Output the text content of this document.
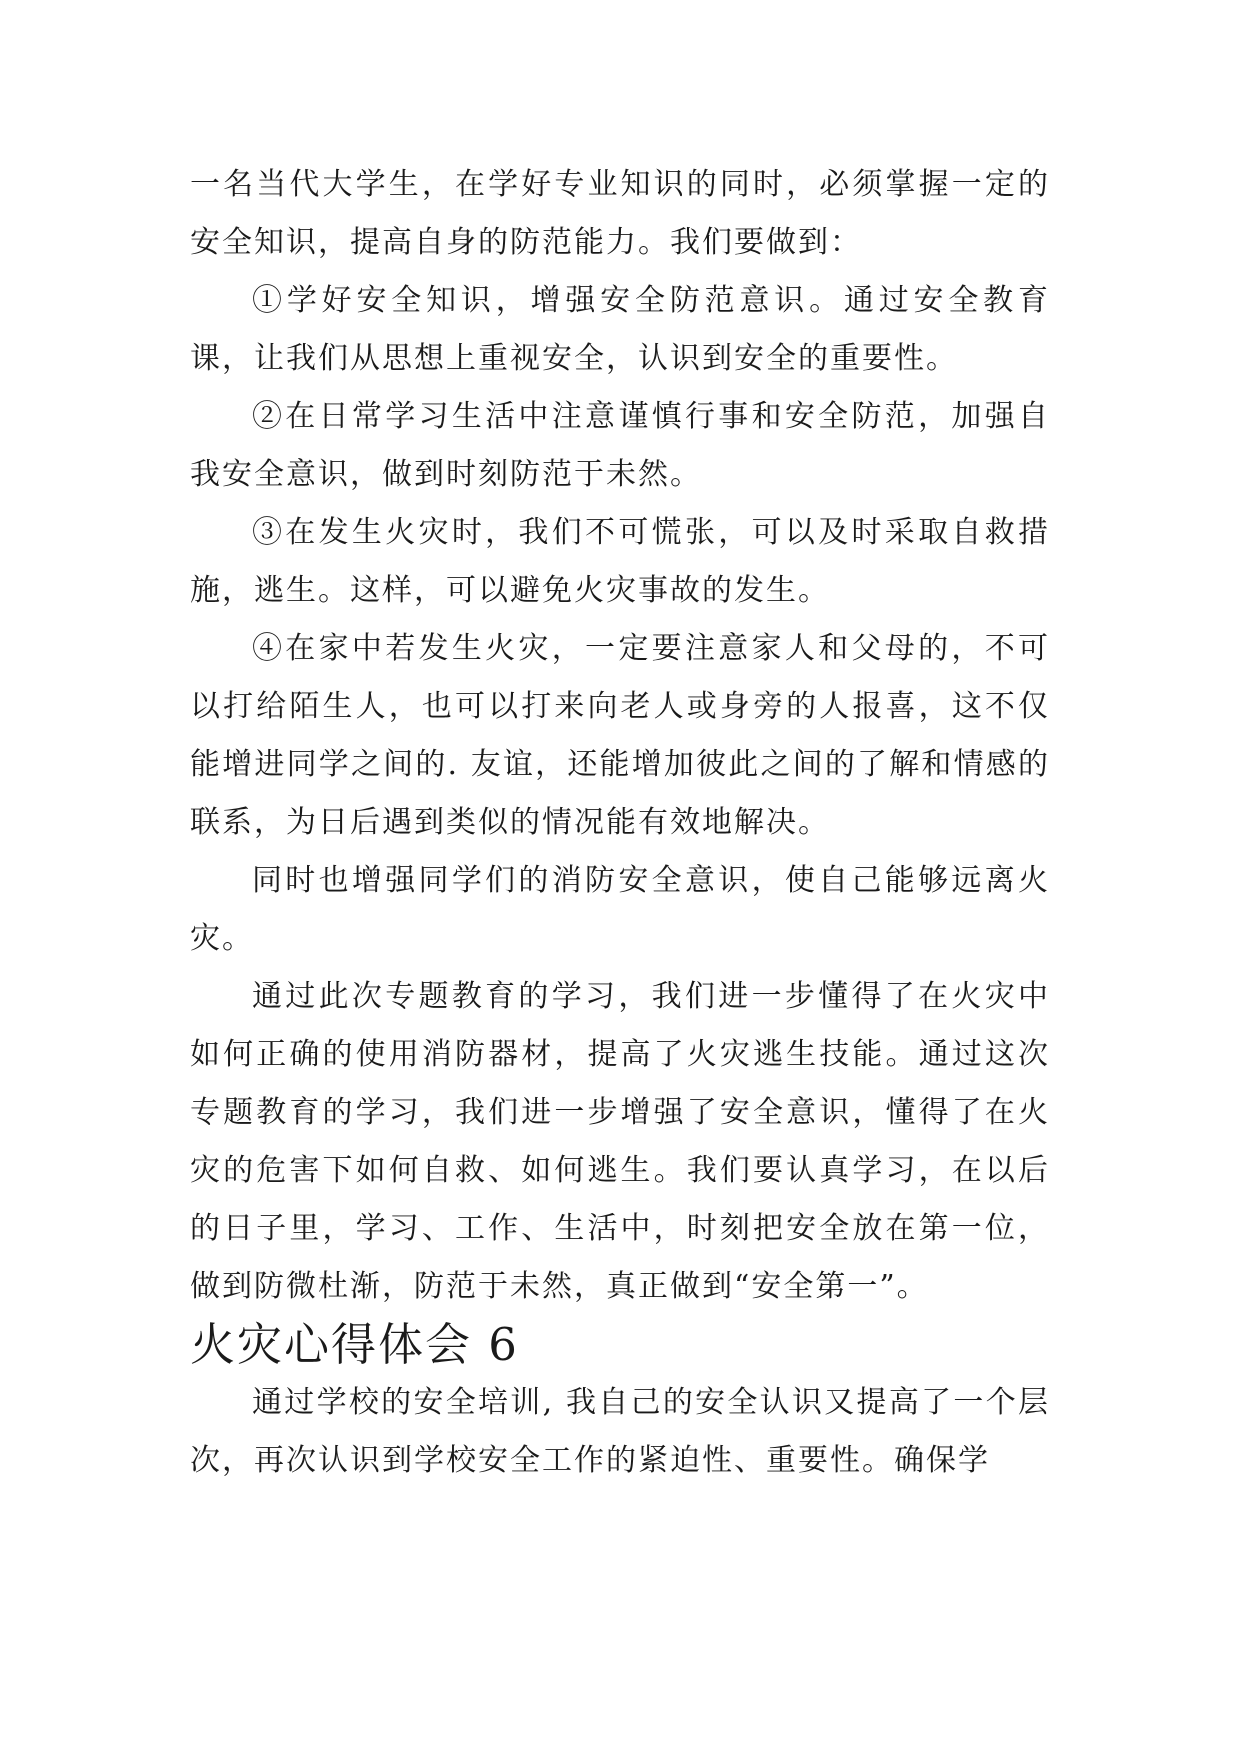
一名当代大学生，在学好专业知识的同时，必须掌握一定的安全知识，提高自身的防范能力。我们要做到：

①学好安全知识，增强安全防范意识。通过安全教育课，让我们从思想上重视安全，认识到安全的重要性。

②在日常学习生活中注意谨慎行事和安全防范，加强自我安全意识，做到时刻防范于未然。

③在发生火灾时，我们不可慌张，可以及时采取自救措施，逃生。这样，可以避免火灾事故的发生。

④在家中若发生火灾，一定要注意家人和父母的，不可以打给陌生人，也可以打来向老人或身旁的人报喜，这不仅能增进同学之间的. 友谊，还能增加彼此之间的了解和情感的联系，为日后遇到类似的情况能有效地解决。

同时也增强同学们的消防安全意识，使自己能够远离火灾。

通过此次专题教育的学习，我们进一步懂得了在火灾中如何正确的使用消防器材，提高了火灾逃生技能。通过这次专题教育的学习，我们进一步增强了安全意识，懂得了在火灾的危害下如何自救、如何逃生。我们要认真学习，在以后的日子里，学习、工作、生活中，时刻把安全放在第一位，做到防微杜渐，防范于未然，真正做到“安全第一”。

火灾心得体会 6

通过学校的安全培训, 我自己的安全认识又提高了一个层次，再次认识到学校安全工作的紧迫性、重要性。确保学
